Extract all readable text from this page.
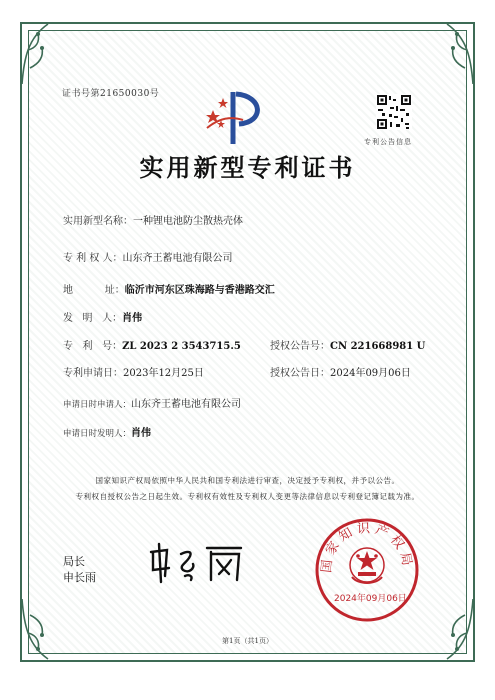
证书号第21650030号
专利公告信息
实用新型专利证书
实用新型名称：一种锂电池防尘散热壳体
专 利 权 人：山东齐王蓄电池有限公司
地          址：临沂市河东区珠海路与香港路交汇
发   明   人：肖伟
专   利   号：ZL 2023 2 3543715.5	授权公告号：CN 221668981 U
专利申请日：2023年12月25日	授权公告日：2024年09月06日
申请日时申请人：山东齐王蓄电池有限公司
申请日时发明人：肖伟
国家知识产权局依照中华人民共和国专利法进行审查，决定授予专利权，并予以公告。
专利权自授权公告之日起生效。专利权有效性及专利权人变更等法律信息以专利登记簿记载为准。
局长
申长雨
国家知识产权局
2024年09月06日
第1页（共1页）
